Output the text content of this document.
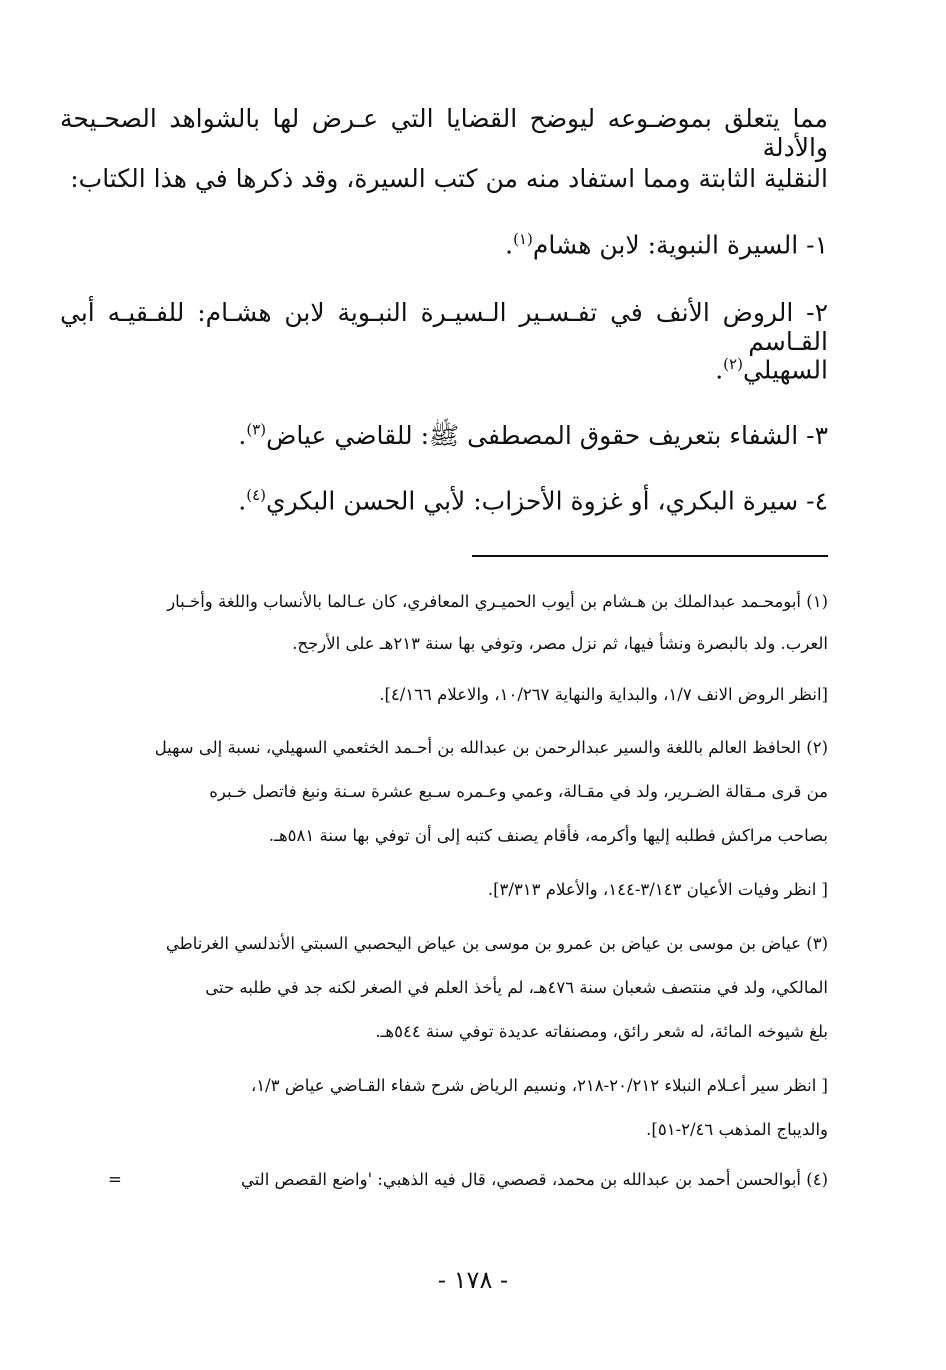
مما يتعلق بموضـوعه ليوضح القضايا التي عـرض لها بالشواهد الصحـيحة والأدلة
النقلية الثابتة ومما استفاد منه من كتب السيرة، وقد ذكرها في هذا الكتاب:
١- السيرة النبوية: لابن هشام$^{(١)}$.
٢- الروض الأنف في تفـسـير الـسيـرة النبـوية لابن هشـام: للفـقيـه أبي القـاسم
السهيلي$^{(٢)}$.
٣- الشفاء بتعريف حقوق المصطفى ﷺ: للقاضي عياض$^{(٣)}$.
٤- سيرة البكري، أو غزوة الأحزاب: لأبي الحسن البكري$^{(٤)}$.
(١) أبومحـمد عبدالملك بن هـشام بن أيوب الحميـري المعافري، كان عـالما بالأنساب واللغة وأخـبار
العرب. ولد بالبصرة ونشأ فيها، ثم نزل مصر، وتوفي بها سنة ٢١٣هـ على الأرجح.
[انظر الروض الانف ١/٧، والبداية والنهاية ١٠/٢٦٧، والاعلام ٤/١٦٦].
(٢) الحافظ العالم باللغة والسير عبدالرحمن بن عبدالله بن أحـمد الخثعمي السهيلي، نسبة إلى سهيل
من قرى مـقالة الضـرير، ولد في مقـالة، وعمي وعـمره سـبع عشرة سـنة ونبغ فاتصل خـبره
بصاحب مراكش فطلبه إليها وأكرمه، فأقام يصنف كتبه إلى أن توفي بها سنة ٥٨١هـ.
[ انظر وفيات الأعيان ٣/١٤٣-١٤٤، والأعلام ٣/٣١٣].
(٣) عياض بن موسى بن عياض بن عمرو بن موسى بن عياض اليحصبي السبتي الأندلسي الغرناطي
المالكي، ولد في منتصف شعبان سنة ٤٧٦هـ، لم يأخذ العلم في الصغر لكنه جد في طلبه حتى
بلغ شيوخه المائة، له شعر رائق، ومصنفاته عديدة توفي سنة ٥٤٤هـ.
[ انظر سير أعـلام النبلاء ٢٠/٢١٢-٢١٨، ونسيم الرياض شرح شفاء القـاضي عياض ١/٣،
والديباج المذهب ٢/٤٦-٥١].
(٤) أبوالحسن أحمد بن عبدالله بن محمد، قصصي، قال فيه الذهبي: 'واضع القصص التي
=
- ١٧٨ -
